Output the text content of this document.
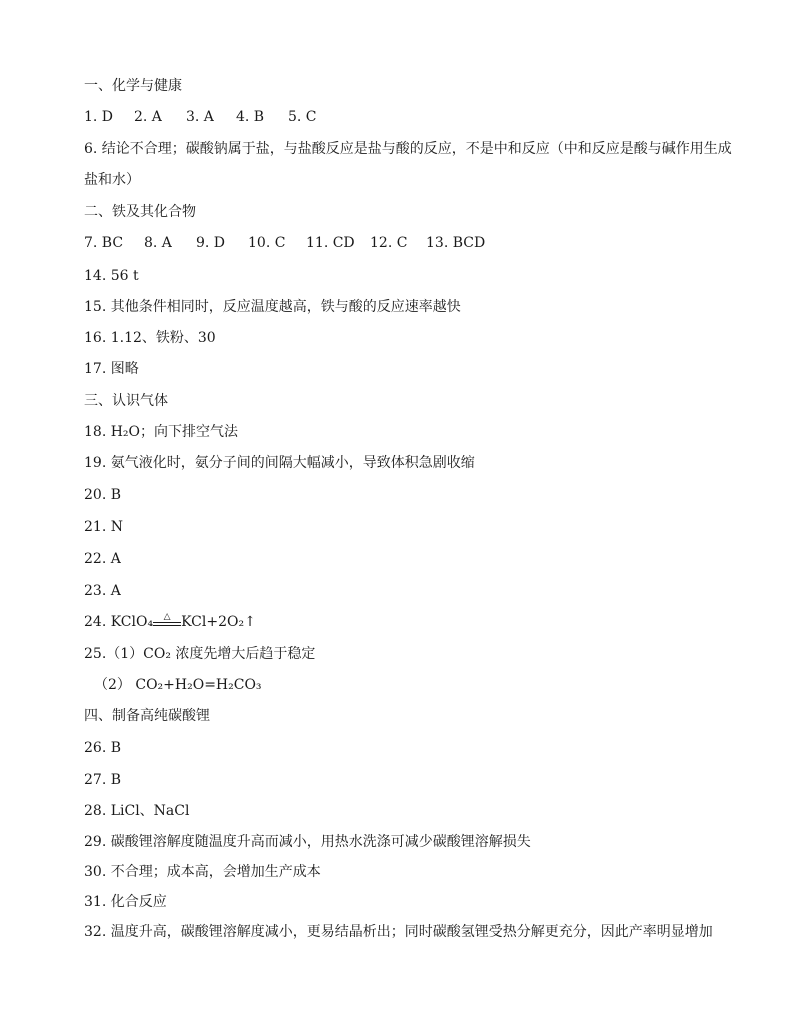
一、化学与健康
1. D 2. A 3. A 4. B 5. C
6. 结论不合理；碳酸钠属于盐，与盐酸反应是盐与酸的反应，不是中和反应（中和反应是酸与碱作用生成
盐和水）
二、铁及其化合物
7. BC 8. A 9. D 10. C 11. CD 12. C 13. BCD
14. 56 t
15. 其他条件相同时，反应温度越高，铁与酸的反应速率越快
16. 1.12、铁粉、30
17. 图略
三、认识气体
18. H₂O；向下排空气法
19. 氨气液化时，氨分子间的间隔大幅减小，导致体积急剧收缩
20. B
21. N
22. A
23. A
24. KClO₄	△ KCl+2O₂↑
25.（1）CO₂ 浓度先增大后趋于稳定
（2） CO₂+H₂O=H₂CO₃
四、制备高纯碳酸锂
26. B
27. B
28. LiCl、NaCl
29. 碳酸锂溶解度随温度升高而减小，用热水洗涤可减少碳酸锂溶解损失
30. 不合理；成本高，会增加生产成本
31. 化合反应
32. 温度升高，碳酸锂溶解度减小，更易结晶析出；同时碳酸氢锂受热分解更充分，因此产率明显增加
